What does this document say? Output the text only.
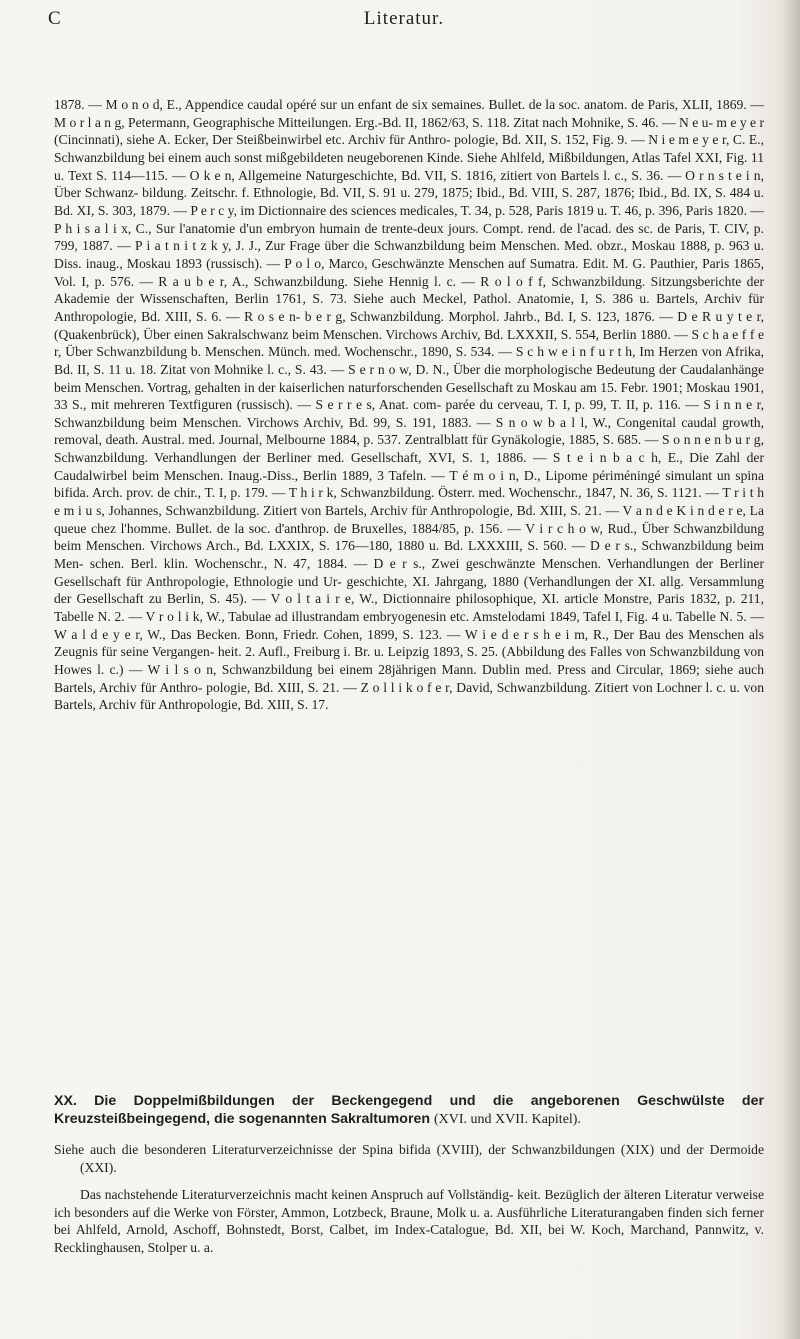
C	Literatur.
1878. — M o n o d, E., Appendice caudal opéré sur un enfant de six semaines. Bullet. de la soc. anatom. de Paris, XLII, 1869. — M o r l a n g, Petermann, Geographische Mitteilungen. Erg.-Bd. II, 1862/63, S. 118. Zitat nach Mohnike, S. 46. — N e u- m e y e r (Cincinnati), siehe A. Ecker, Der Steißbeinwirbel etc. Archiv für Anthro- pologie, Bd. XII, S. 152, Fig. 9. — N i e m e y e r, C. E., Schwanzbildung bei einem auch sonst mißgebildeten neugeborenen Kinde. Siehe Ahlfeld, Mißbildungen, Atlas Tafel XXI, Fig. 11 u. Text S. 114—115. — O k e n, Allgemeine Naturgeschichte, Bd. VII, S. 1816, zitiert von Bartels l. c., S. 36. — O r n s t e i n, Über Schwanz- bildung. Zeitschr. f. Ethnologie, Bd. VII, S. 91 u. 279, 1875; Ibid., Bd. VIII, S. 287, 1876; Ibid., Bd. IX, S. 484 u. Bd. XI, S. 303, 1879. — P e r c y, im Dictionnaire des sciences medicales, T. 34, p. 528, Paris 1819 u. T. 46, p. 396, Paris 1820. — P h i s a l i x, C., Sur l'anatomie d'un embryon humain de trente-deux jours. Compt. rend. de l'acad. des sc. de Paris, T. CIV, p. 799, 1887. — P i a t n i t z k y, J. J., Zur Frage über die Schwanzbildung beim Menschen. Med. obzr., Moskau 1888, p. 963 u. Diss. inaug., Moskau 1893 (russisch). — P o l o, Marco, Geschwänzte Menschen auf Sumatra. Edit. M. G. Pauthier, Paris 1865, Vol. I, p. 576. — R a u b e r, A., Schwanzbildung. Siehe Hennig l. c. — R o l o f f, Schwanzbildung. Sitzungsberichte der Akademie der Wissenschaften, Berlin 1761, S. 73. Siehe auch Meckel, Pathol. Anatomie, I, S. 386 u. Bartels, Archiv für Anthropologie, Bd. XIII, S. 6. — R o s e n- b e r g, Schwanzbildung. Morphol. Jahrb., Bd. I, S. 123, 1876. — D e R u y t e r, (Quakenbrück), Über einen Sakralschwanz beim Menschen. Virchows Archiv, Bd. LXXXII, S. 554, Berlin 1880. — S c h a e f f e r, Über Schwanzbildung b. Menschen. Münch. med. Wochenschr., 1890, S. 534. — S c h w e i n f u r t h, Im Herzen von Afrika, Bd. II, S. 11 u. 18. Zitat von Mohnike l. c., S. 43. — S e r n o w, D. N., Über die morphologische Bedeutung der Caudalanhänge beim Menschen. Vortrag, gehalten in der kaiserlichen naturforschenden Gesellschaft zu Moskau am 15. Febr. 1901; Moskau 1901, 33 S., mit mehreren Textfiguren (russisch). — S e r r e s, Anat. com- parée du cerveau, T. I, p. 99, T. II, p. 116. — S i n n e r, Schwanzbildung beim Menschen. Virchows Archiv, Bd. 99, S. 191, 1883. — S n o w b a l l, W., Congenital caudal growth, removal, death. Austral. med. Journal, Melbourne 1884, p. 537. Zentralblatt für Gynäkologie, 1885, S. 685. — S o n n e n b u r g, Schwanzbildung. Verhandlungen der Berliner med. Gesellschaft, XVI, S. 1, 1886. — S t e i n b a c h, E., Die Zahl der Caudalwirbel beim Menschen. Inaug.-Diss., Berlin 1889, 3 Tafeln. — T é m o i n, D., Lipome périméningé simulant un spina bifida. Arch. prov. de chir., T. I, p. 179. — T h i r k, Schwanzbildung. Österr. med. Wochenschr., 1847, N. 36, S. 1121. — T r i t h e m i u s, Johannes, Schwanzbildung. Zitiert von Bartels, Archiv für Anthropologie, Bd. XIII, S. 21. — V a n d e K i n d e r e, La queue chez l'homme. Bullet. de la soc. d'anthrop. de Bruxelles, 1884/85, p. 156. — V i r c h o w, Rud., Über Schwanzbildung beim Menschen. Virchows Arch., Bd. LXXIX, S. 176—180, 1880 u. Bd. LXXXIII, S. 560. — D e r s., Schwanzbildung beim Men- schen. Berl. klin. Wochenschr., N. 47, 1884. — D e r s., Zwei geschwänzte Menschen. Verhandlungen der Berliner Gesellschaft für Anthropologie, Ethnologie und Ur- geschichte, XI. Jahrgang, 1880 (Verhandlungen der XI. allg. Versammlung der Gesellschaft zu Berlin, S. 45). — V o l t a i r e, W., Dictionnaire philosophique, XI. article Monstre, Paris 1832, p. 211, Tabelle N. 2. — V r o l i k, W., Tabulae ad illustrandam embryogenesin etc. Amstelodami 1849, Tafel I, Fig. 4 u. Tabelle N. 5. — W a l d e y e r, W., Das Becken. Bonn, Friedr. Cohen, 1899, S. 123. — W i e d e r s h e i m, R., Der Bau des Menschen als Zeugnis für seine Vergangen- heit. 2. Aufl., Freiburg i. Br. u. Leipzig 1893, S. 25. (Abbildung des Falles von Schwanzbildung von Howes l. c.) — W i l s o n, Schwanzbildung bei einem 28jährigen Mann. Dublin med. Press and Circular, 1869; siehe auch Bartels, Archiv für Anthro- pologie, Bd. XIII, S. 21. — Z o l l i k o f e r, David, Schwanzbildung. Zitiert von Lochner l. c. u. von Bartels, Archiv für Anthropologie, Bd. XIII, S. 17.
XX. Die Doppelmißbildungen der Beckengegend und die angeborenen Geschwülste der Kreuzsteißbeingegend, die sogenannten Sakraltumoren (XVI. und XVII. Kapitel).
Siehe auch die besonderen Literaturverzeichnisse der Spina bifida (XVIII), der Schwanzbildungen (XIX) und der Dermoide (XXI).
Das nachstehende Literaturverzeichnis macht keinen Anspruch auf Vollständig- keit. Bezüglich der älteren Literatur verweise ich besonders auf die Werke von Förster, Ammon, Lotzbeck, Braune, Molk u. a. Ausführliche Literaturangaben finden sich ferner bei Ahlfeld, Arnold, Aschoff, Bohnstedt, Borst, Calbet, im Index-Catalogue, Bd. XII, bei W. Koch, Marchand, Pannwitz, v. Recklinghausen, Stolper u. a.
